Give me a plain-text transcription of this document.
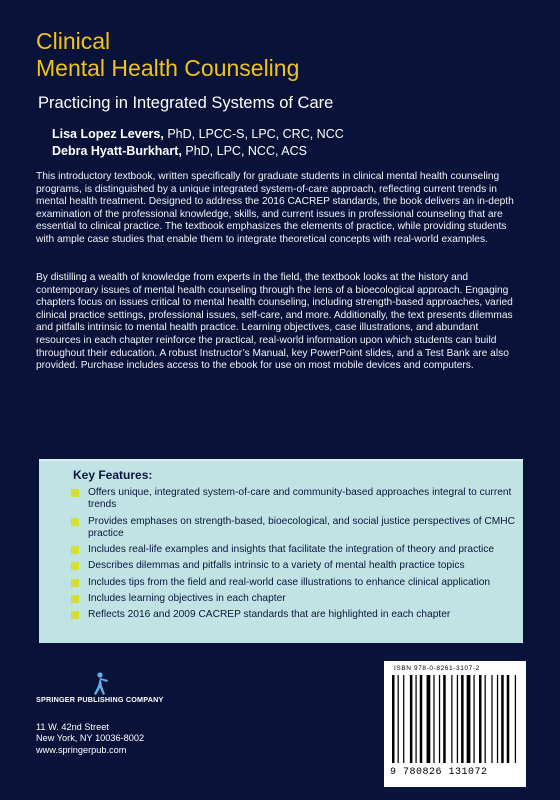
Clinical
Mental Health Counseling
Practicing in Integrated Systems of Care
Lisa Lopez Levers, PhD, LPCC-S, LPC, CRC, NCC
Debra Hyatt-Burkhart, PhD, LPC, NCC, ACS
This introductory textbook, written specifically for graduate students in clinical mental health counseling programs, is distinguished by a unique integrated system-of-care approach, reflecting current trends in mental health treatment. Designed to address the 2016 CACREP standards, the book delivers an in-depth examination of the professional knowledge, skills, and current issues in professional counseling that are essential to clinical practice. The textbook emphasizes the elements of practice, while providing students with ample case studies that enable them to integrate theoretical concepts with real-world examples.
By distilling a wealth of knowledge from experts in the field, the textbook looks at the history and contemporary issues of mental health counseling through the lens of a bioecological approach. Engaging chapters focus on issues critical to mental health counseling, including strength-based approaches, varied clinical practice settings, professional issues, self-care, and more. Additionally, the text presents dilemmas and pitfalls intrinsic to mental health practice. Learning objectives, case illustrations, and abundant resources in each chapter reinforce the practical, real-world information upon which students can build throughout their education. A robust Instructor’s Manual, key PowerPoint slides, and a Test Bank are also provided. Purchase includes access to the ebook for use on most mobile devices and computers.
Key Features:
Offers unique, integrated system-of-care and community-based approaches integral to current trends
Provides emphases on strength-based, bioecological, and social justice perspectives of CMHC practice
Includes real-life examples and insights that facilitate the integration of theory and practice
Describes dilemmas and pitfalls intrinsic to a variety of mental health practice topics
Includes tips from the field and real-world case illustrations to enhance clinical application
Includes learning objectives in each chapter
Reflects 2016 and 2009 CACREP standards that are highlighted in each chapter
SPRINGER PUBLISHING COMPANY
11 W. 42nd Street
New York, NY 10036-8002
www.springerpub.com
ISBN 978-0-8261-3107-2
9 780826 131072
